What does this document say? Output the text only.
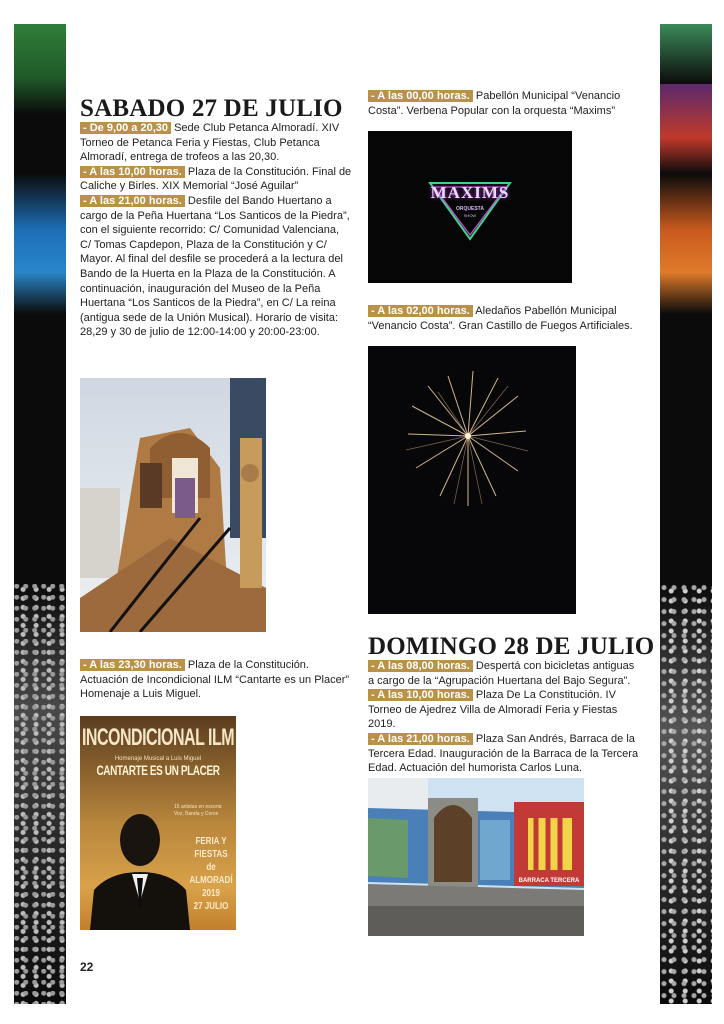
SABADO 27 DE JULIO

- De 9,00 a 20,30 Sede Club Petanca Almoradí. XIV Torneo de Petanca Feria y Fiestas, Club Petanca Almoradí, entrega de trofeos a las 20,30.

- A las 10,00 horas. Plaza de la Constitución. Final de Caliche y Birles. XIX Memorial “José Aguilar”

- A las 21,00 horas. Desfile del Bando Huertano a cargo de la Peña Huertana “Los Santicos de la Piedra”, con el siguiente recorrido: C/ Comunidad Valenciana, C/ Tomas Capdepon, Plaza de la Constitución y C/ Mayor. Al final del desfile se procederá a la lectura del Bando de la Huerta en la Plaza de la Constitución. A continuación, inauguración del Museo de la Peña Huertana “Los Santicos de la Piedra”, en C/ La reina (antigua sede de la Unión Musical). Horario de visita: 28,29 y 30 de julio de 12:00-14:00 y 20:00-23:00.

- A las 23,30 horas. Plaza de la Constitución. Actuación de Incondicional ILM “Cantarte es un Placer” Homenaje a Luis Miguel.

INCONDICIONAL ILM
Homenaje Musical a Luis Miguel
CANTARTE ES UN PLACER
15 artistas en escena
Voz, Banda y Coros
FERIA Y FIESTAS
de ALMORADÍ
2019
27 JULIO

- A las 00,00 horas. Pabellón Municipal “Venancio Costa”. Verbena Popular con la orquesta “Maxims”

MAXIMS
ORQUESTA
SHOW

- A las 02,00 horas. Aledaños Pabellón Municipal “Venancio Costa”. Gran Castillo de Fuegos Artificiales.

DOMINGO 28 DE JULIO

- A las 08,00 horas. Despertá con bicicletas antiguas a cargo de la “Agrupación Huertana del Bajo Segura”.

- A las 10,00 horas. Plaza De La Constitución. IV Torneo de Ajedrez Villa de Almoradí Feria y Fiestas 2019.

- A las 21,00 horas. Plaza San Andrés, Barraca de la Tercera Edad. Inauguración de la Barraca de la Tercera Edad. Actuación del humorista Carlos Luna.

BARRACA TERCERA
22
